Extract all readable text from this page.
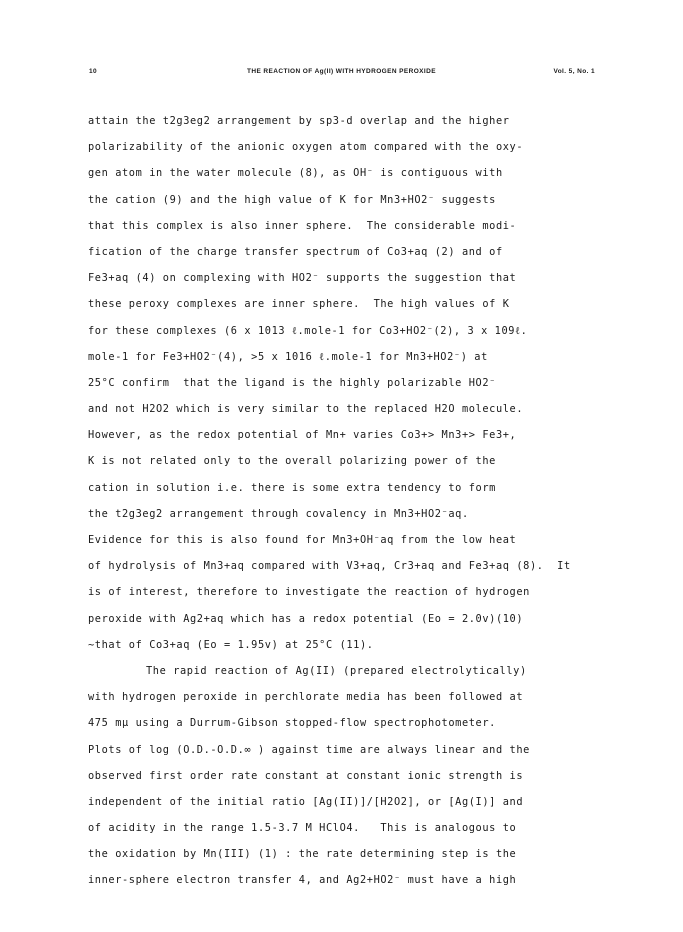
10	THE REACTION OF Ag(II) WITH HYDROGEN PEROXIDE	Vol. 5, No. 1
attain the t2g3eg2 arrangement by sp3-d overlap and the higher
polarizability of the anionic oxygen atom compared with the oxy-
gen atom in the water molecule (8), as OH⁻ is contiguous with
the cation (9) and the high value of K for Mn3+HO2⁻ suggests
that this complex is also inner sphere.  The considerable modi-
fication of the charge transfer spectrum of Co3+aq (2) and of
Fe3+aq (4) on complexing with HO2⁻ supports the suggestion that
these peroxy complexes are inner sphere.  The high values of K
for these complexes (6 x 1013 ℓ.mole-1 for Co3+HO2⁻(2), 3 x 109ℓ.
mole-1 for Fe3+HO2⁻(4), >5 x 1016 ℓ.mole-1 for Mn3+HO2⁻) at
25°C confirm  that the ligand is the highly polarizable HO2⁻
and not H2O2 which is very similar to the replaced H2O molecule.
However, as the redox potential of Mn+ varies Co3+> Mn3+> Fe3+,
K is not related only to the overall polarizing power of the
cation in solution i.e. there is some extra tendency to form
the t2g3eg2 arrangement through covalency in Mn3+HO2⁻aq.
Evidence for this is also found for Mn3+OH⁻aq from the low heat
of hydrolysis of Mn3+aq compared with V3+aq, Cr3+aq and Fe3+aq (8).  It
is of interest, therefore to investigate the reaction of hydrogen
peroxide with Ag2+aq which has a redox potential (Eo = 2.0v)(10)
∼that of Co3+aq (Eo = 1.95v) at 25°C (11).
The rapid reaction of Ag(II) (prepared electrolytically)
with hydrogen peroxide in perchlorate media has been followed at
475 mμ using a Durrum-Gibson stopped-flow spectrophotometer.
Plots of log (O.D.-O.D.∞ ) against time are always linear and the
observed first order rate constant at constant ionic strength is
independent of the initial ratio [Ag(II)]/[H2O2], or [Ag(I)] and
of acidity in the range 1.5-3.7 M HClO4.   This is analogous to
the oxidation by Mn(III) (1) : the rate determining step is the
inner-sphere electron transfer 4, and Ag2+HO2⁻ must have a high
